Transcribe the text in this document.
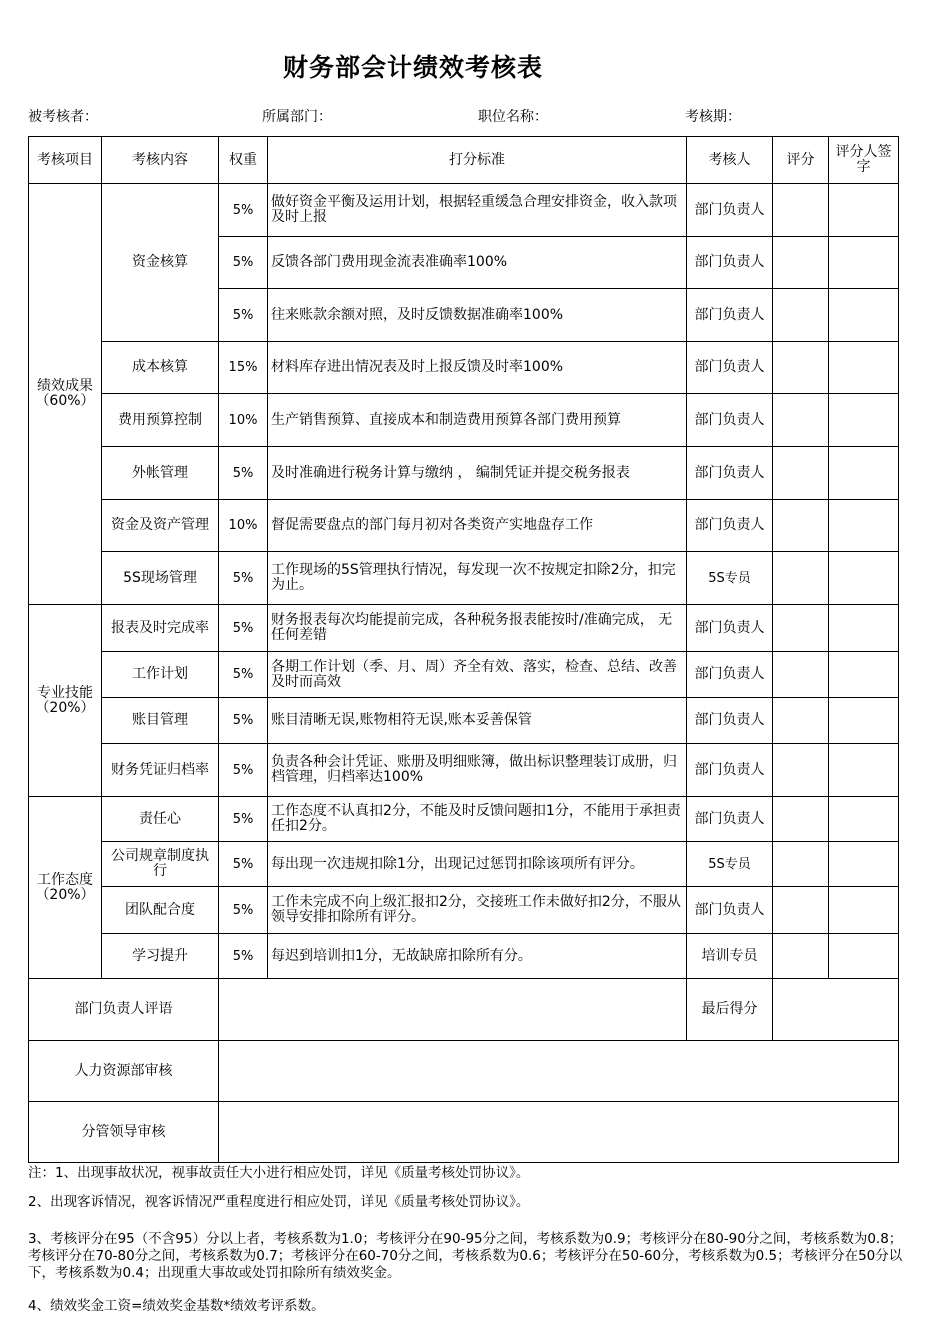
财务部会计绩效考核表
被考核者：	所属部门：	职位名称：	考核期：
考核项目	考核内容	权重	打分标准	考核人	评分	评分人签字

绩效成果
（60%）	资金核算	5%	做好资金平衡及运用计划，根据轻重缓急合理安排资金，收入款项及时上报	部门负责人		
		5%	反馈各部门费用现金流表准确率100%	部门负责人		
		5%	往来账款余额对照，及时反馈数据准确率100%	部门负责人		
	成本核算	15%	材料库存进出情况表及时上报反馈及时率100%	部门负责人		
	费用预算控制	10%	生产销售预算、直接成本和制造费用预算各部门费用预算	部门负责人		
	外帐管理	5%	及时准确进行税务计算与缴纳 ， 编制凭证并提交税务报表	部门负责人		
	资金及资产管理	10%	督促需要盘点的部门每月初对各类资产实地盘存工作	部门负责人		
	5S现场管理	5%	工作现场的5S管理执行情况，每发现一次不按规定扣除2分，扣完为止。	5S专员		

专业技能
（20%）	报表及时完成率	5%	财务报表每次均能提前完成，各种税务报表能按时/准确完成， 无任何差错	部门负责人		
	工作计划	5%	各期工作计划（季、月、周）齐全有效、落实，检查、总结、改善及时而高效	部门负责人		
	账目管理	5%	账目清晰无误,账物相符无误,账本妥善保管	部门负责人		
	财务凭证归档率	5%	负责各种会计凭证、账册及明细账簿，做出标识整理装订成册，归档管理，归档率达100%	部门负责人		

工作态度
（20%）	责任心	5%	工作态度不认真扣2分，不能及时反馈问题扣1分，不能用于承担责任扣2分。	部门负责人		
	公司规章制度执行	5%	每出现一次违规扣除1分，出现记过惩罚扣除该项所有评分。	5S专员		
	团队配合度	5%	工作未完成不向上级汇报扣2分，交接班工作未做好扣2分，不服从领导安排扣除所有评分。	部门负责人		
	学习提升	5%	每迟到培训扣1分，无故缺席扣除所有分。	培训专员		
部门负责人评语				最后得分		
人力资源部审核						
分管领导审核						
注：1、出现事故状况，视事故责任大小进行相应处罚，详见《质量考核处罚协议》。
2、出现客诉情况，视客诉情况严重程度进行相应处罚，详见《质量考核处罚协议》。
3、考核评分在95（不含95）分以上者，考核系数为1.0；考核评分在90-95分之间，考核系数为0.9；考核评分在80-90分之间，考核系数为0.8；考核评分在70-80分之间，考核系数为0.7；考核评分在60-70分之间，考核系数为0.6；考核评分在50-60分，考核系数为0.5；考核评分在50分以下，考核系数为0.4；出现重大事故或处罚扣除所有绩效奖金。
4、绩效奖金工资=绩效奖金基数*绩效考评系数。
